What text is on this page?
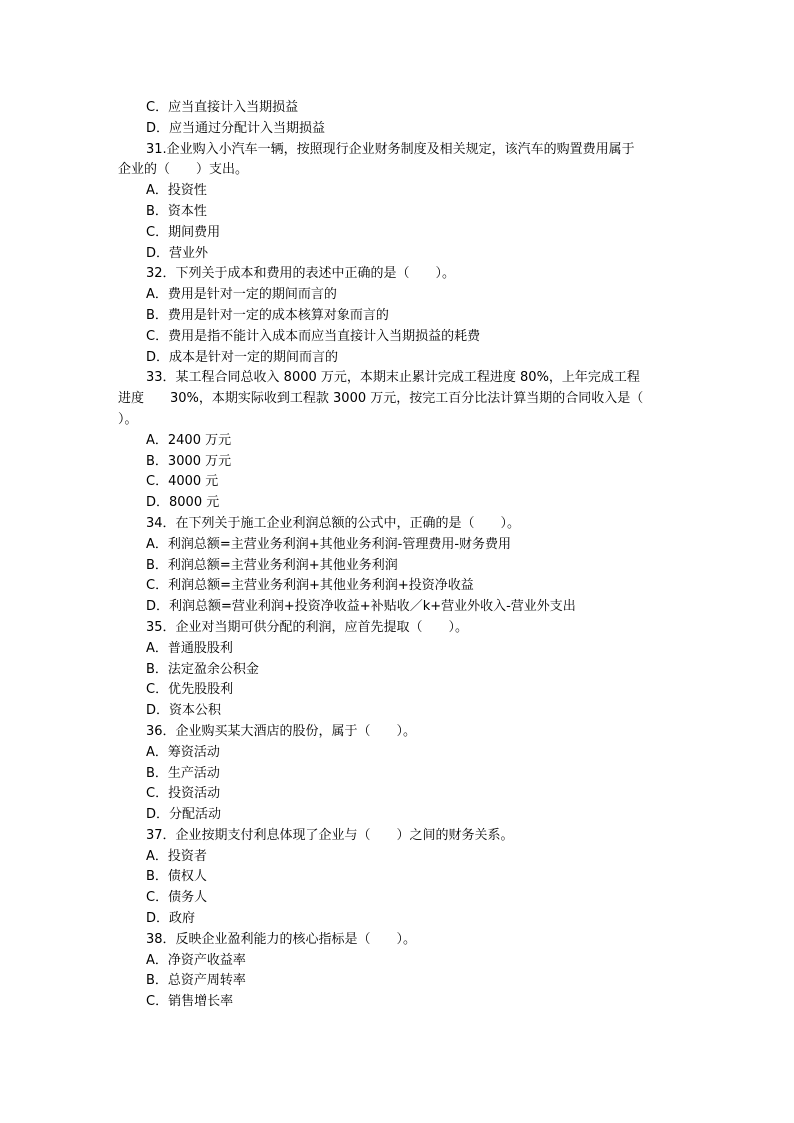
C．应当直接计入当期损益
D．应当通过分配计入当期损益
31.企业购入小汽车一辆，按照现行企业财务制度及相关规定，该汽车的购置费用属于
企业的（　　）支出。
A．投资性
B．资本性
C．期间费用
D．营业外
32．下列关于成本和费用的表述中正确的是（　　）。
A．费用是针对一定的期间而言的
B．费用是针对一定的成本核算对象而言的
C．费用是指不能计入成本而应当直接计入当期损益的耗费
D．成本是针对一定的期间而言的
33．某工程合同总收入 8000 万元，本期末止累计完成工程进度 80%，上年完成工程
进度　　30%，本期实际收到工程款 3000 万元，按完工百分比法计算当期的合同收入是（
）。
A．2400 万元
B．3000 万元
C．4000 元
D．8000 元
34．在下列关于施工企业利润总额的公式中，正确的是（　　）。
A．利润总额=主营业务利润+其他业务利润-管理费用-财务费用
B．利润总额=主营业务利润+其他业务利润
C．利润总额=主营业务利润+其他业务利润+投资净收益
D．利润总额=营业利润+投资净收益+补贴收／k+营业外收入-营业外支出
35．企业对当期可供分配的利润，应首先提取（　　）。
A．普通股股利
B．法定盈余公积金
C．优先股股利
D．资本公积
36．企业购买某大酒店的股份，属于（　　）。
A．筹资活动
B．生产活动
C．投资活动
D．分配活动
37．企业按期支付利息体现了企业与（　　）之间的财务关系。
A．投资者
B．债权人
C．债务人
D．政府
38．反映企业盈利能力的核心指标是（　　）。
A．净资产收益率
B．总资产周转率
C．销售增长率
